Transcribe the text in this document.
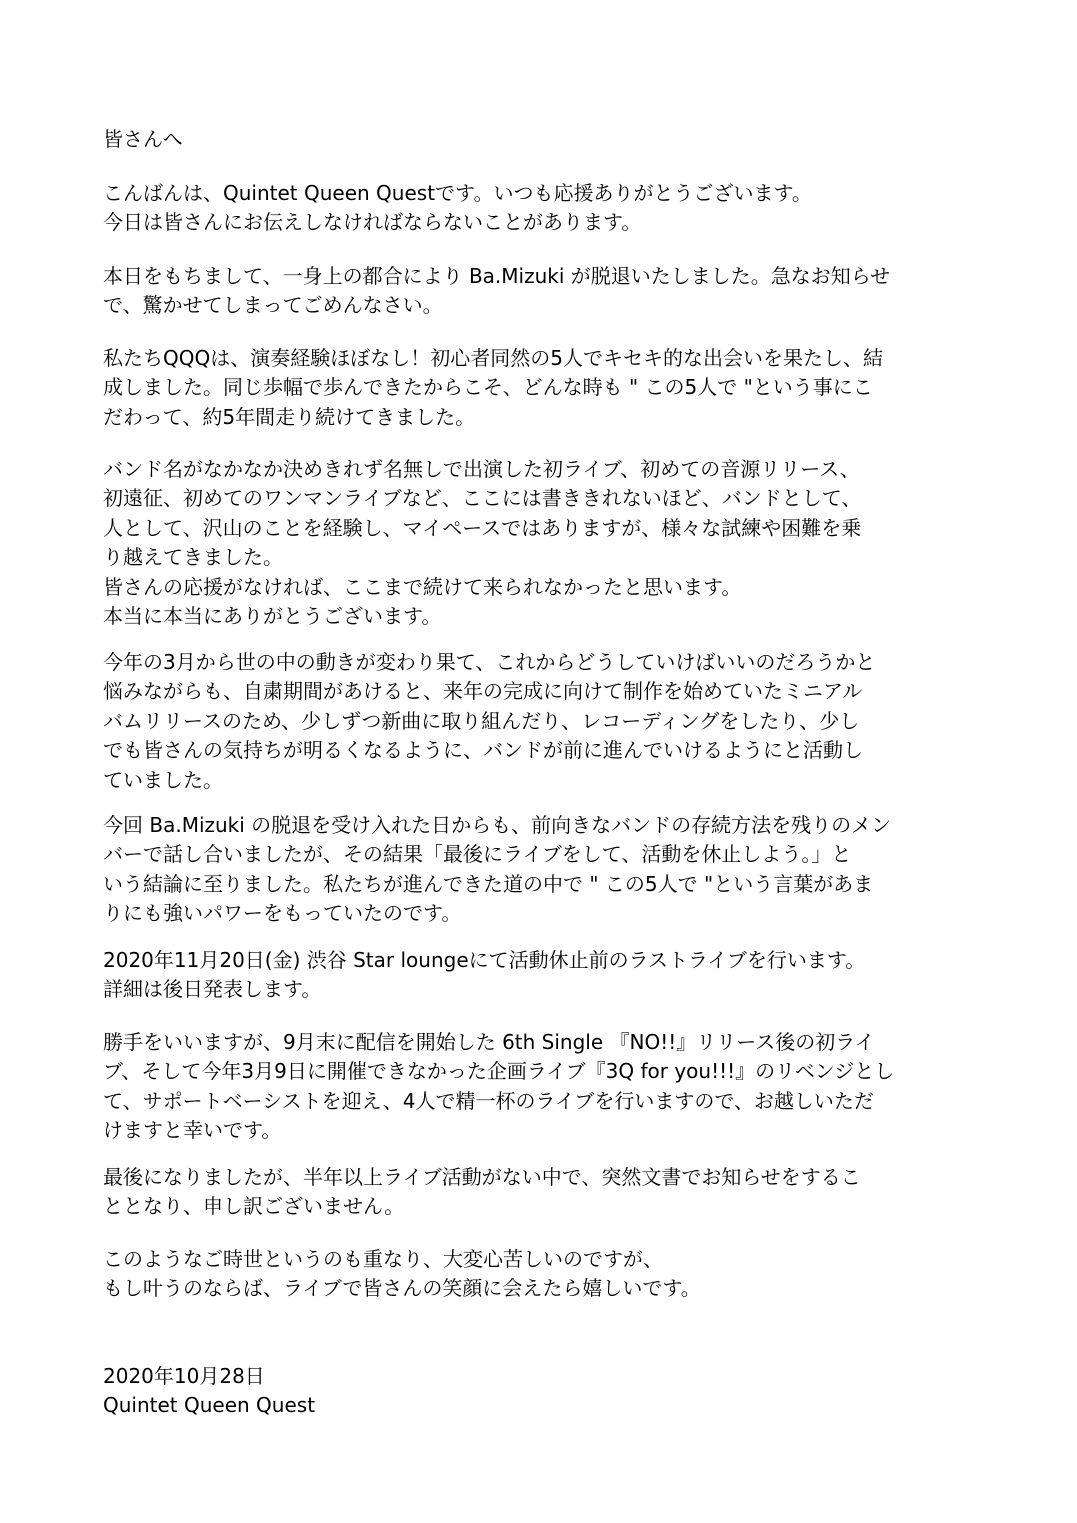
皆さんへ

こんばんは、Quintet Queen Questです。いつも応援ありがとうございます。
今日は皆さんにお伝えしなければならないことがあります。

本日をもちまして、一身上の都合により Ba.Mizuki が脱退いたしました。急なお知らせ
で、驚かせてしまってごめんなさい。

私たちQQQは、演奏経験ほぼなし！初心者同然の5人でキセキ的な出会いを果たし、結
成しました。同じ歩幅で歩んできたからこそ、どんな時も " この5人で "という事にこ
だわって、約5年間走り続けてきました。

バンド名がなかなか決めきれず名無しで出演した初ライブ、初めての音源リリース、
初遠征、初めてのワンマンライブなど、ここには書ききれないほど、バンドとして、
人として、沢山のことを経験し、マイペースではありますが、様々な試練や困難を乗
り越えてきました。
皆さんの応援がなければ、ここまで続けて来られなかったと思います。
本当に本当にありがとうございます。

今年の3月から世の中の動きが変わり果て、これからどうしていけばいいのだろうかと
悩みながらも、自粛期間があけると、来年の完成に向けて制作を始めていたミニアル
バムリリースのため、少しずつ新曲に取り組んだり、レコーディングをしたり、少し
でも皆さんの気持ちが明るくなるように、バンドが前に進んでいけるようにと活動し
ていました。

今回 Ba.Mizuki の脱退を受け入れた日からも、前向きなバンドの存続方法を残りのメン
バーで話し合いましたが、その結果「最後にライブをして、活動を休止しよう。」と
いう結論に至りました。私たちが進んできた道の中で " この5人で "という言葉があま
りにも強いパワーをもっていたのです。

2020年11月20日(金) 渋谷 Star loungeにて活動休止前のラストライブを行います。
詳細は後日発表します。

勝手をいいますが、9月末に配信を開始した 6th Single 『NO!!』リリース後の初ライ
ブ、そして今年3月9日に開催できなかった企画ライブ『3Q for you!!!』のリベンジとし
て、サポートベーシストを迎え、4人で精一杯のライブを行いますので、お越しいただ
けますと幸いです。

最後になりましたが、半年以上ライブ活動がない中で、突然文書でお知らせをするこ
ととなり、申し訳ございません。

このようなご時世というのも重なり、大変心苦しいのですが、
もし叶うのならば、ライブで皆さんの笑顔に会えたら嬉しいです。

2020年10月28日
Quintet Queen Quest
